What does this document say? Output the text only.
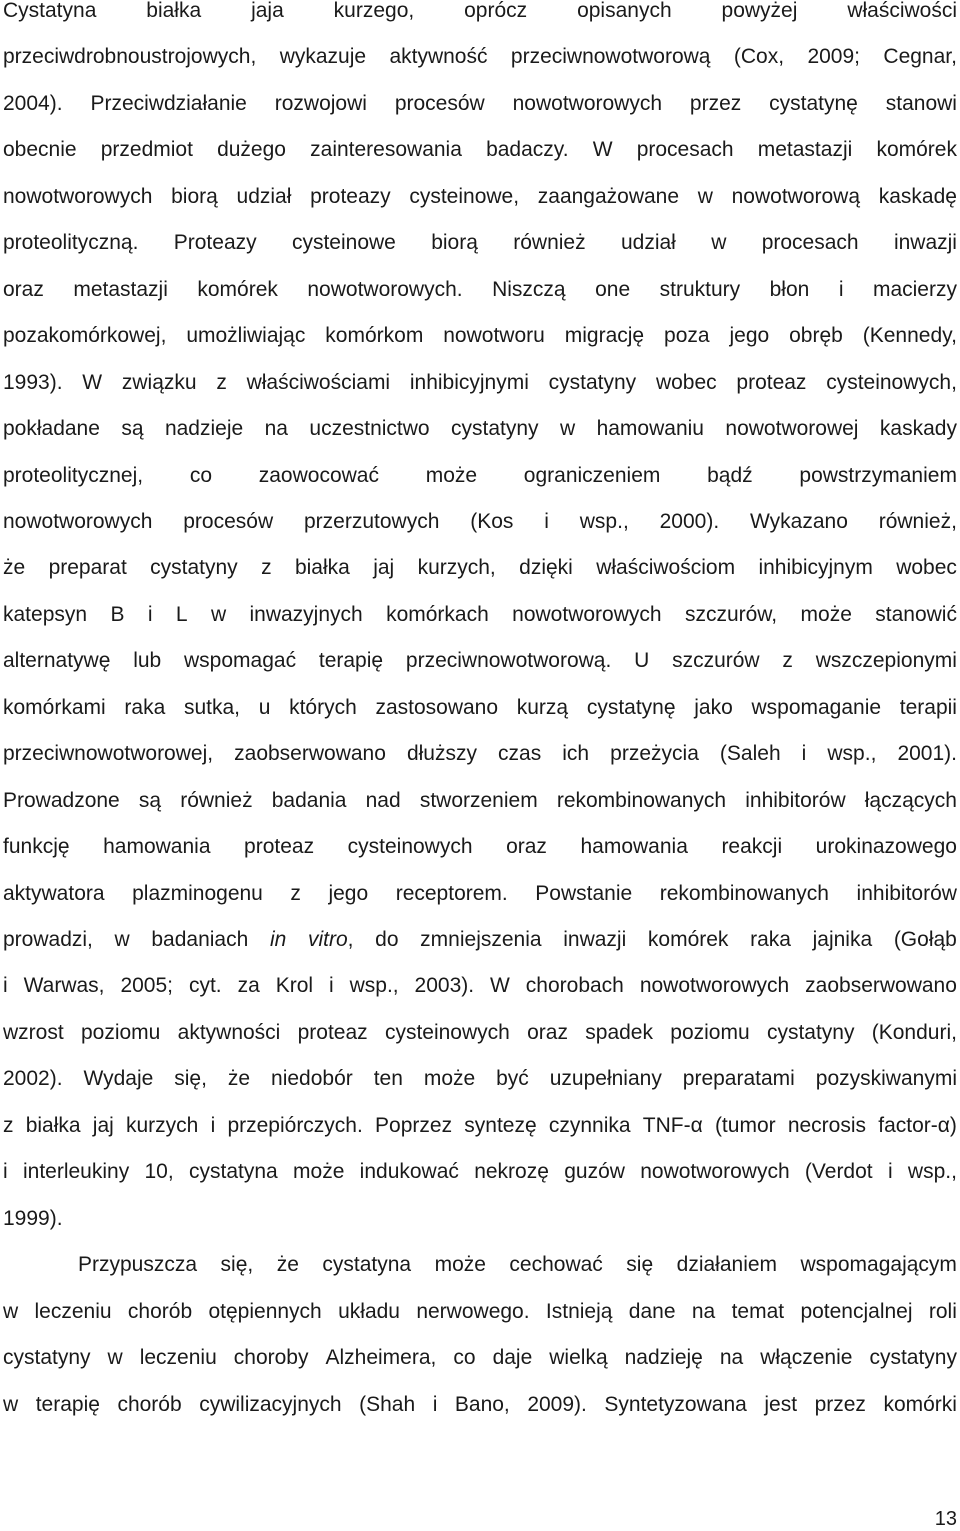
Cystatyna białka jaja kurzego, oprócz opisanych powyżej właściwości
przeciwdrobnoustrojowych, wykazuje aktywność przeciwnowotworową (Cox, 2009; Cegnar,
2004). Przeciwdziałanie rozwojowi procesów nowotworowych przez cystatynę stanowi
obecnie przedmiot dużego zainteresowania badaczy. W procesach metastazji komórek
nowotworowych biorą udział proteazy cysteinowe, zaangażowane w nowotworową kaskadę
proteolityczną. Proteazy cysteinowe biorą również udział w procesach inwazji
oraz metastazji komórek nowotworowych. Niszczą one struktury błon i macierzy
pozakomórkowej, umożliwiając komórkom nowotworu migrację poza jego obręb (Kennedy,
1993). W związku z właściwościami inhibicyjnymi cystatyny wobec proteaz cysteinowych,
pokładane są nadzieje na uczestnictwo cystatyny w hamowaniu nowotworowej kaskady
proteolitycznej, co zaowocować może ograniczeniem bądź powstrzymaniem
nowotworowych procesów przerzutowych (Kos i wsp., 2000). Wykazano również,
że preparat cystatyny z białka jaj kurzych, dzięki właściwościom inhibicyjnym wobec
katepsyn B i L w inwazyjnych komórkach nowotworowych szczurów, może stanowić
alternatywę lub wspomagać terapię przeciwnowotworową. U szczurów z wszczepionymi
komórkami raka sutka, u których zastosowano kurzą cystatynę jako wspomaganie terapii
przeciwnowotworowej, zaobserwowano dłuższy czas ich przeżycia (Saleh i wsp., 2001).
Prowadzone są również badania nad stworzeniem rekombinowanych inhibitorów łączących
funkcję hamowania proteaz cysteinowych oraz hamowania reakcji urokinazowego
aktywatora plazminogenu z jego receptorem. Powstanie rekombinowanych inhibitorów
prowadzi, w badaniach in vitro, do zmniejszenia inwazji komórek raka jajnika (Gołąb
i Warwas, 2005; cyt. za Krol i wsp., 2003). W chorobach nowotworowych zaobserwowano
wzrost poziomu aktywności proteaz cysteinowych oraz spadek poziomu cystatyny (Konduri,
2002). Wydaje się, że niedobór ten może być uzupełniany preparatami pozyskiwanymi
z białka jaj kurzych i przepiórczych. Poprzez syntezę czynnika TNF-α (tumor necrosis factor-α)
i interleukiny 10, cystatyna może indukować nekrozę guzów nowotworowych (Verdot i wsp.,
1999).
Przypuszcza się, że cystatyna może cechować się działaniem wspomagającym
w leczeniu chorób otępiennych układu nerwowego. Istnieją dane na temat potencjalnej roli
cystatyny w leczeniu choroby Alzheimera, co daje wielką nadzieję na włączenie cystatyny
w terapię chorób cywilizacyjnych (Shah i Bano, 2009). Syntetyzowana jest przez komórki
13
